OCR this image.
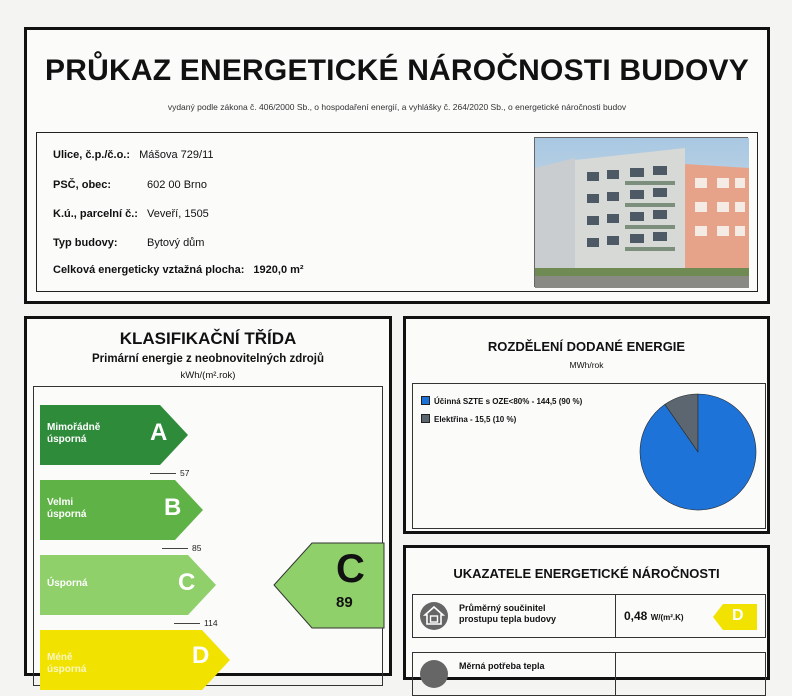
PRŮKAZ ENERGETICKÉ NÁROČNOSTI BUDOVY
vydaný podle zákona č. 406/2000 Sb., o hospodaření energií, a vyhlášky č. 264/2020 Sb., o energetické náročnosti budov
Ulice, č.p./č.o.: Mášova 729/11
PSČ, obec:	602 00 Brno
K.ú., parcelní č.: Veveří, 1505
Typ budovy:	Bytový dům
Celková energeticky vztažná plocha: 1920,0 m²
KLASIFIKAČNÍ TŘÍDA
Primární energie z neobnovitelných zdrojů
kWh/(m².rok)
Mimořádně
úsporná	A
57
Velmi
úsporná	B
85
Úsporná	C
114
Méně úsporná
D
C
89
ROZDĚLENÍ DODANÉ ENERGIE
MWh/rok
Účinná SZTE s OZE<80% - 144,5 (90 %)
Elektřina - 15,5 (10 %)
UKAZATELE ENERGETICKÉ NÁROČNOSTI
Průměrný součinitel
prostupu tepla budovy	0,48 W/(m².K)	D
Měrná potřeba tepla
